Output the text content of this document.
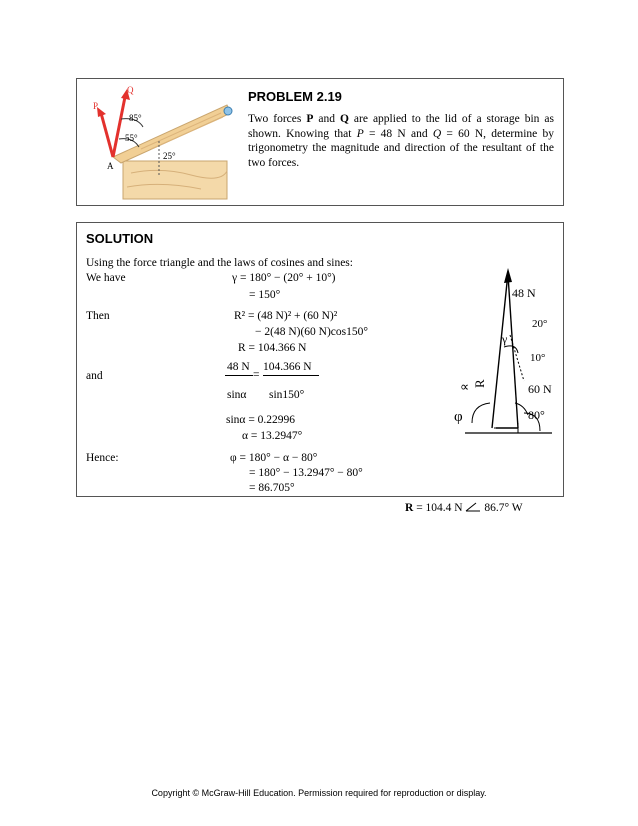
P
Q
A
85°
55°
25°
PROBLEM 2.19
Two forces P and Q are applied to the lid of a storage bin as shown. Knowing that P = 48 N and Q = 60 N, determine by trigonometry the magnitude and direction of the resultant of the two forces.
SOLUTION
Using the force triangle and the laws of cosines and sines:
We have	γ = 180° − (20° + 10°)
= 150°
Then	R² = (48 N)² + (60 N)²
− 2(48 N)(60 N)cos150°
R = 104.366 N
48 N
=
104.366 N
and
sinα sin150°
sinα = 0.22996
α = 13.2947°
Hence:	φ = 180° − α − 80°
= 180° − 13.2947° − 80°
= 86.705°
48 N
20°
γ
10°
R
∝	60 N
φ	80°
R = 104.4 N  86.7° W
Copyright © McGraw-Hill Education. Permission required for reproduction or display.
